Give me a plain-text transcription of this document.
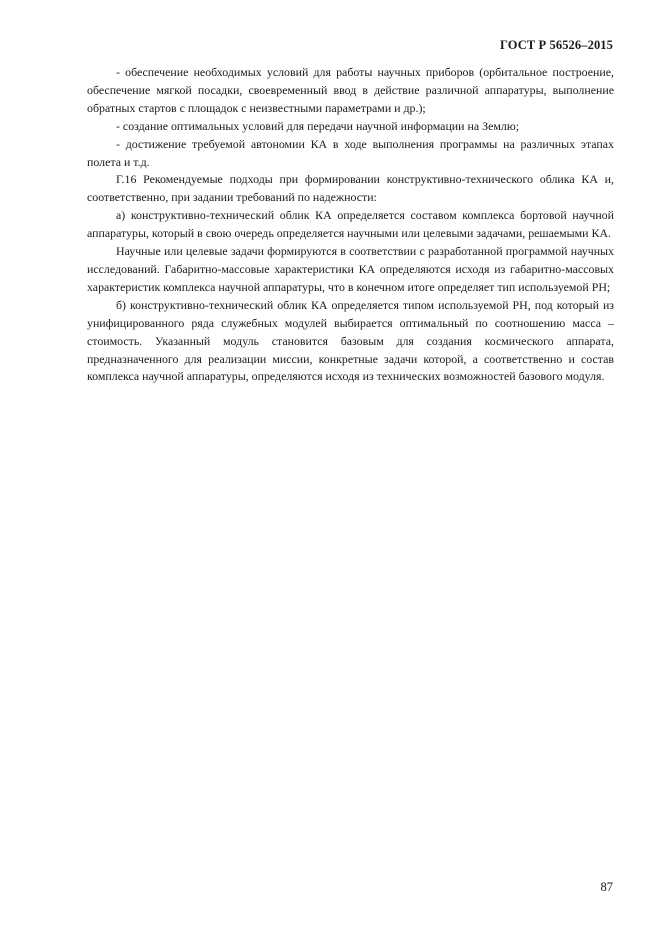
ГОСТ Р 56526–2015

- обеспечение необходимых условий для работы научных приборов (орбитальное построение, обеспечение мягкой посадки, своевременный ввод в действие различной аппаратуры, выполнение обратных стартов с площадок с неизвестными параметрами и др.);

- создание оптимальных условий для передачи научной информации на Землю;

- достижение требуемой автономии КА в ходе выполнения программы на различных этапах полета и т.д.

Г.16 Рекомендуемые подходы при формировании конструктивно-технического облика КА и, соответственно, при задании требований по надежности:

а) конструктивно-технический облик КА определяется составом комплекса бортовой научной аппаратуры, который в свою очередь определяется научными или целевыми задачами, решаемыми КА.

Научные или целевые задачи формируются в соответствии с разработанной программой научных исследований. Габаритно-массовые характеристики КА определяются исходя из габаритно-массовых характеристик комплекса научной аппаратуры, что в конечном итоге определяет тип используемой РН;

б) конструктивно-технический облик КА определяется типом используемой РН, под который из унифицированного ряда служебных модулей выбирается оптимальный по соотношению масса – стоимость. Указанный модуль становится базовым для создания космического аппарата, предназначенного для реализации миссии, конкретные задачи которой, а соответственно и состав комплекса научной аппаратуры, определяются исходя из технических возможностей базового модуля.

87
